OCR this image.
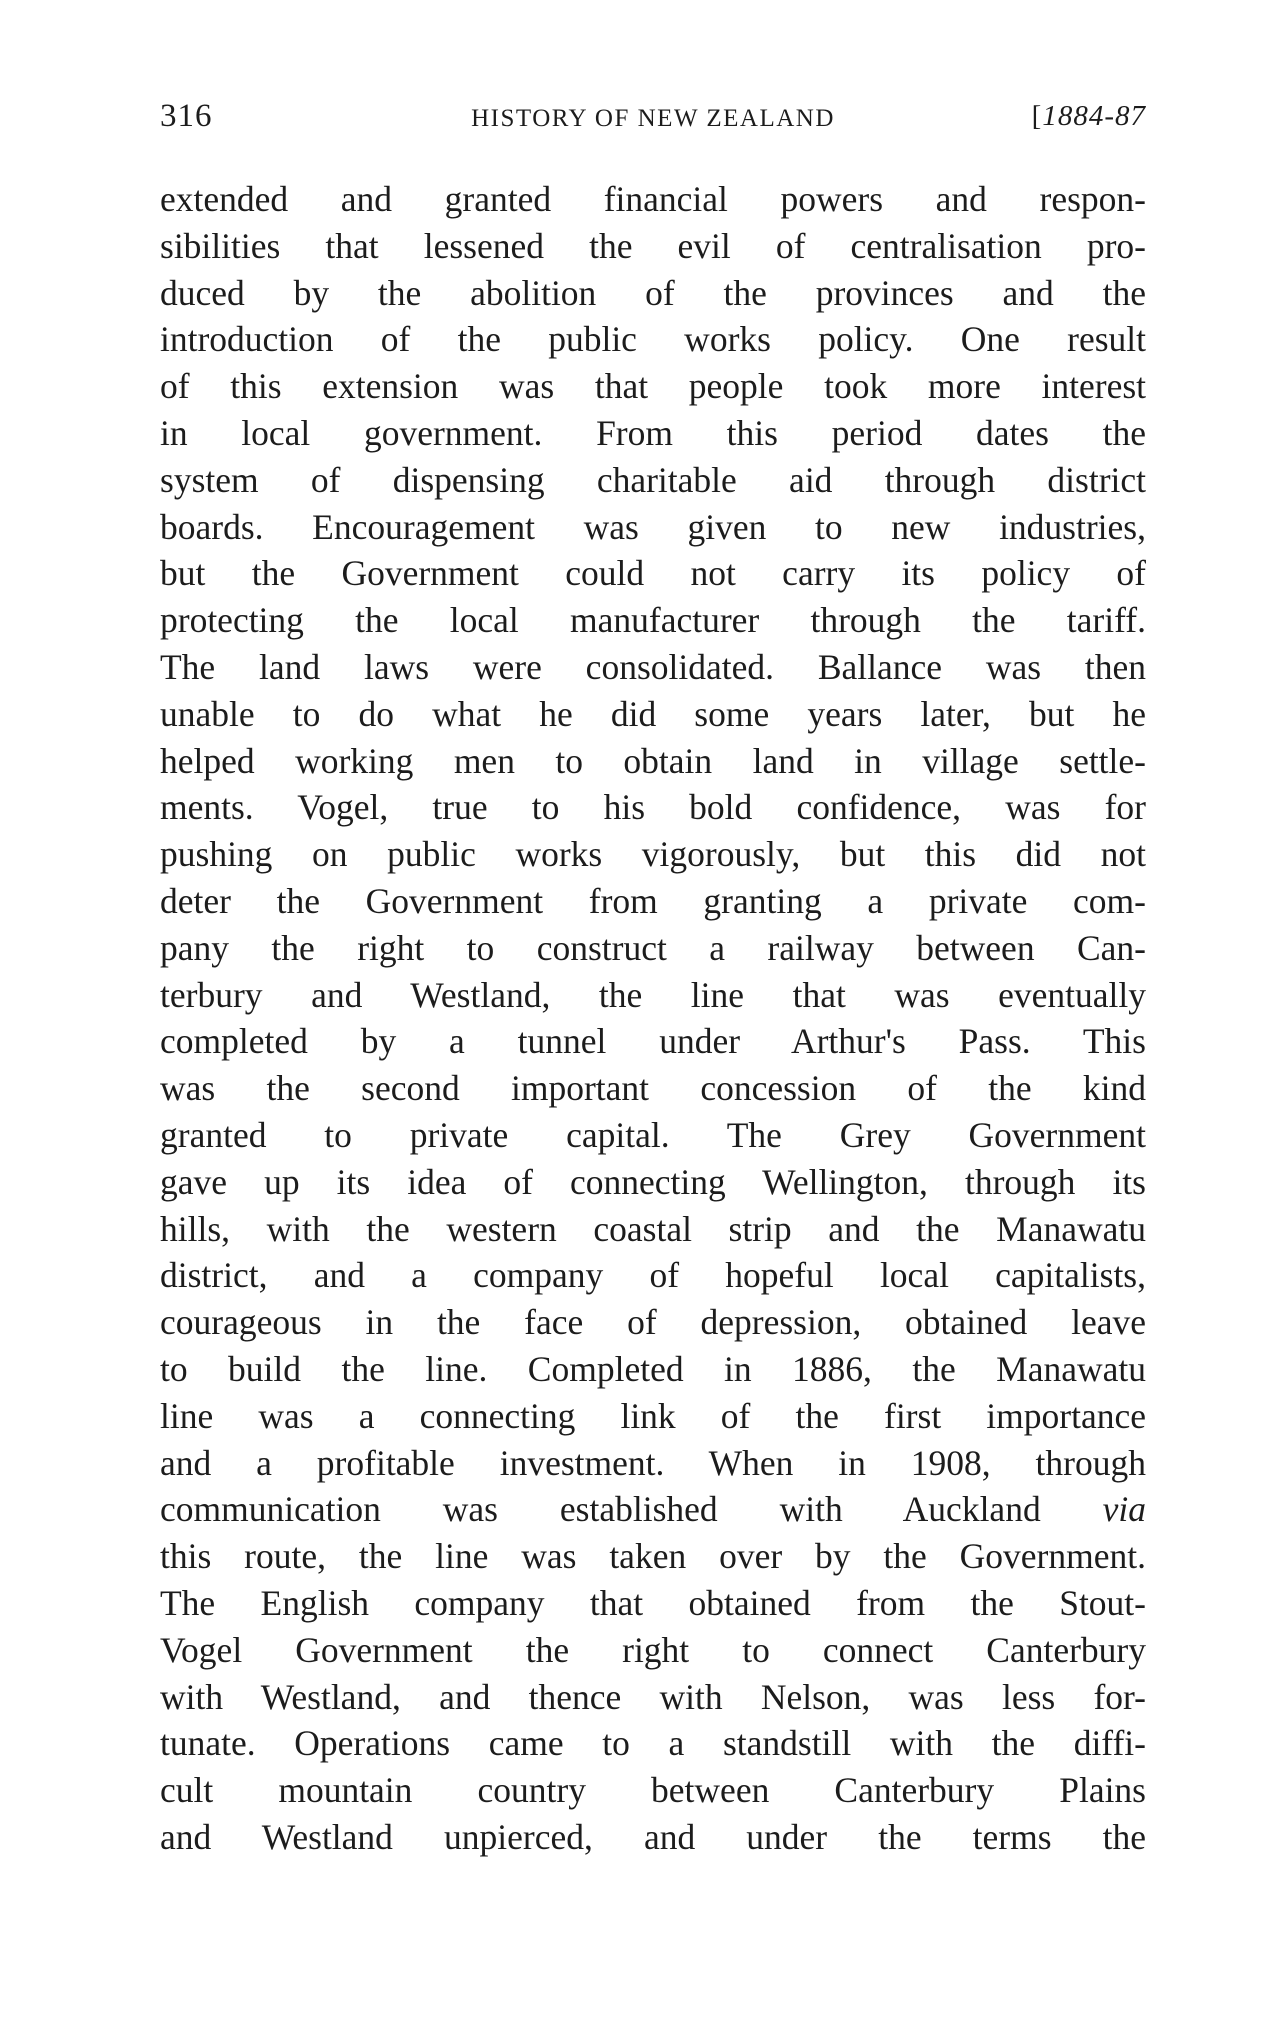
316	HISTORY OF NEW ZEALAND	[1884-87
extended and granted financial powers and respon-
sibilities that lessened the evil of centralisation pro-
duced by the abolition of the provinces and the
introduction of the public works policy. One result
of this extension was that people took more interest
in local government. From this period dates the
system of dispensing charitable aid through district
boards. Encouragement was given to new industries,
but the Government could not carry its policy of
protecting the local manufacturer through the tariff.
The land laws were consolidated. Ballance was then
unable to do what he did some years later, but he
helped working men to obtain land in village settle-
ments. Vogel, true to his bold confidence, was for
pushing on public works vigorously, but this did not
deter the Government from granting a private com-
pany the right to construct a railway between Can-
terbury and Westland, the line that was eventually
completed by a tunnel under Arthur's Pass. This
was the second important concession of the kind
granted to private capital. The Grey Government
gave up its idea of connecting Wellington, through its
hills, with the western coastal strip and the Manawatu
district, and a company of hopeful local capitalists,
courageous in the face of depression, obtained leave
to build the line. Completed in 1886, the Manawatu
line was a connecting link of the first importance
and a profitable investment. When in 1908, through
communication was established with Auckland via
this route, the line was taken over by the Government.
The English company that obtained from the Stout-
Vogel Government the right to connect Canterbury
with Westland, and thence with Nelson, was less for-
tunate. Operations came to a standstill with the diffi-
cult mountain country between Canterbury Plains
and Westland unpierced, and under the terms the
